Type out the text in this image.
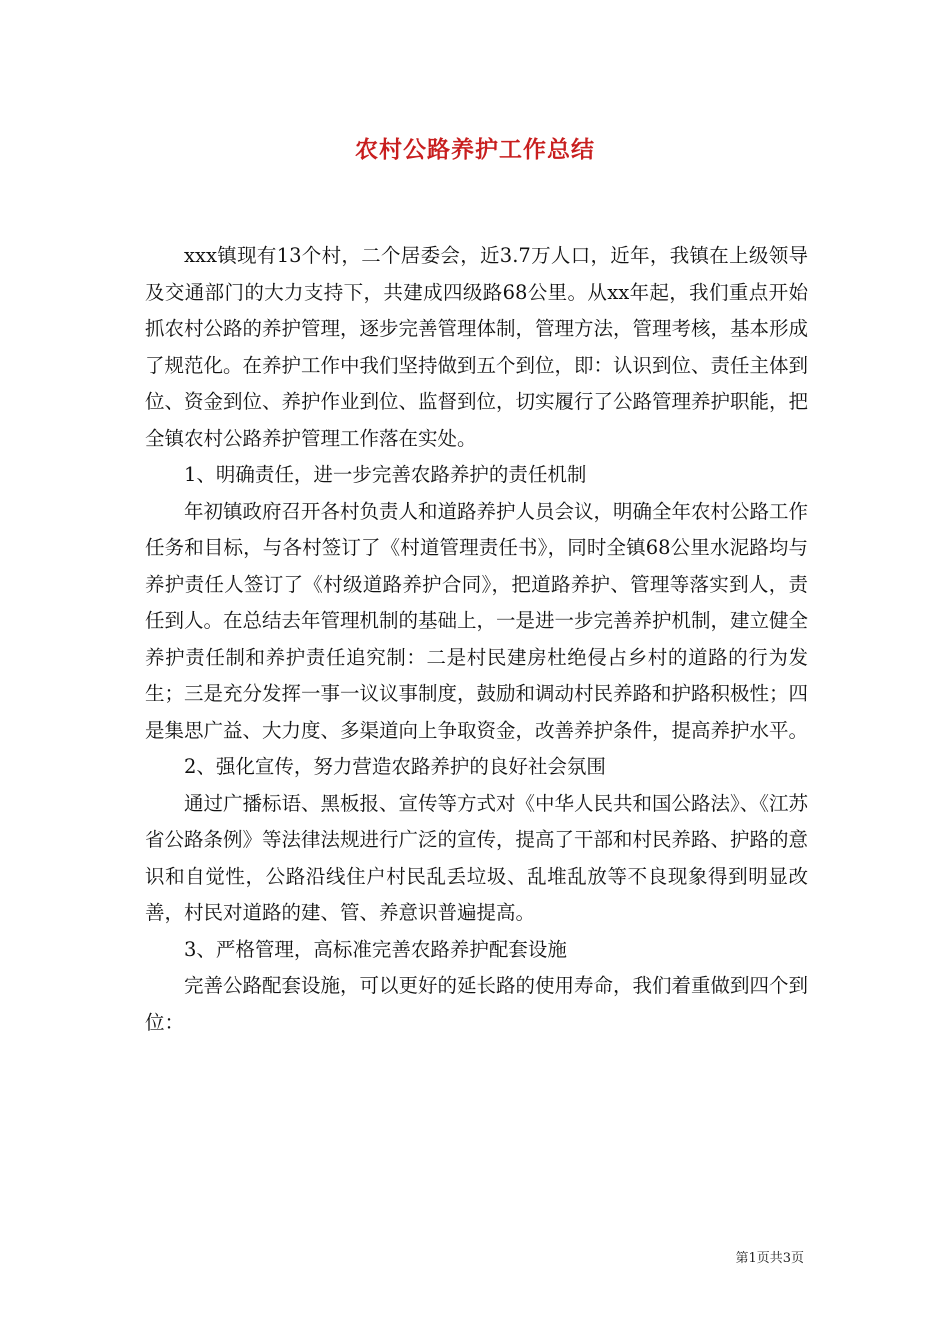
农村公路养护工作总结

xxx镇现有13个村，二个居委会，近3.7万人口，近年，我镇在上级领导及交通部门的大力支持下，共建成四级路68公里。从xx年起，我们重点开始抓农村公路的养护管理，逐步完善管理体制，管理方法，管理考核，基本形成了规范化。在养护工作中我们坚持做到五个到位，即：认识到位、责任主体到位、资金到位、养护作业到位、监督到位，切实履行了公路管理养护职能，把全镇农村公路养护管理工作落在实处。

1、明确责任，进一步完善农路养护的责任机制

年初镇政府召开各村负责人和道路养护人员会议，明确全年农村公路工作任务和目标，与各村签订了《村道管理责任书》，同时全镇68公里水泥路均与养护责任人签订了《村级道路养护合同》，把道路养护、管理等落实到人，责任到人。在总结去年管理机制的基础上，一是进一步完善养护机制，建立健全养护责任制和养护责任追究制：二是村民建房杜绝侵占乡村的道路的行为发生；三是充分发挥一事一议议事制度，鼓励和调动村民养路和护路积极性；四是集思广益、大力度、多渠道向上争取资金，改善养护条件，提高养护水平。

2、强化宣传，努力营造农路养护的良好社会氛围

通过广播标语、黑板报、宣传等方式对《中华人民共和国公路法》、《江苏省公路条例》等法律法规进行广泛的宣传，提高了干部和村民养路、护路的意识和自觉性，公路沿线住户村民乱丢垃圾、乱堆乱放等不良现象得到明显改善，村民对道路的建、管、养意识普遍提高。

3、严格管理，高标准完善农路养护配套设施

完善公路配套设施，可以更好的延长路的使用寿命，我们着重做到四个到位：

第1页共3页
